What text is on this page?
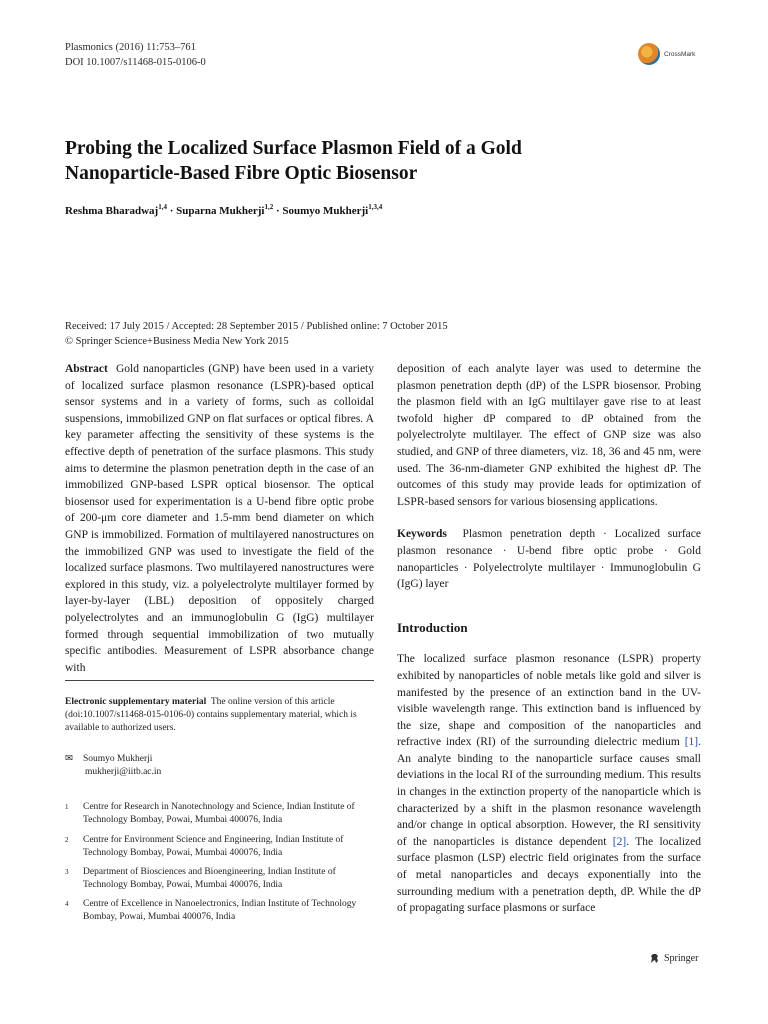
Plasmonics (2016) 11:753–761
DOI 10.1007/s11468-015-0106-0
CrossMark
Probing the Localized Surface Plasmon Field of a Gold
Nanoparticle-Based Fibre Optic Biosensor
Reshma Bharadwaj$^{1,4}$ · Suparna Mukherji$^{1,2}$ · Soumyo Mukherji$^{1,3,4}$
Received: 17 July 2015 / Accepted: 28 September 2015 / Published online: 7 October 2015
© Springer Science+Business Media New York 2015

Abstract Gold nanoparticles (GNP) have been used in a variety of localized surface plasmon resonance (LSPR)-based optical sensor systems and in a variety of forms, such as colloidal suspensions, immobilized GNP on flat surfaces or optical fibres. A key parameter affecting the sensitivity of these systems is the effective depth of penetration of the surface plasmons. This study aims to determine the plasmon penetration depth in the case of an immobilized GNP-based LSPR optical biosensor. The optical biosensor used for experimentation is a U-bend fibre optic probe of 200-μm core diameter and 1.5-mm bend diameter on which GNP is immobilized. Formation of multilayered nanostructures on the immobilized GNP was used to investigate the field of the localized surface plasmons. Two multilayered nanostructures were explored in this study, viz. a polyelectrolyte multilayer formed by layer-by-layer (LBL) deposition of oppositely charged polyelectrolytes and an immunoglobulin G (IgG) multilayer formed through sequential immobilization of two mutually specific antibodies. Measurement of LSPR absorbance change with

deposition of each analyte layer was used to determine the plasmon penetration depth (dP) of the LSPR biosensor. Probing the plasmon field with an IgG multilayer gave rise to at least twofold higher dP compared to dP obtained from the polyelectrolyte multilayer. The effect of GNP size was also studied, and GNP of three diameters, viz. 18, 36 and 45 nm, were used. The 36-nm-diameter GNP exhibited the highest dP. The outcomes of this study may provide leads for optimization of LSPR-based sensors for various biosensing applications.

Keywords Plasmon penetration depth · Localized surface plasmon resonance · U-bend fibre optic probe · Gold nanoparticles · Polyelectrolyte multilayer · Immunoglobulin G (IgG) layer

Introduction

The localized surface plasmon resonance (LSPR) property exhibited by nanoparticles of noble metals like gold and silver is manifested by the presence of an extinction band in the UV-visible wavelength range. This extinction band is influenced by the size, shape and composition of the nanoparticles and refractive index (RI) of the surrounding dielectric medium [1]. An analyte binding to the nanoparticle surface causes small deviations in the local RI of the surrounding medium. This results in changes in the extinction property of the nanoparticle which is characterized by a shift in the plasmon resonance wavelength and/or change in optical absorption. However, the RI sensitivity of the nanoparticles is distance dependent [2]. The localized surface plasmon (LSP) electric field originates from the surface of metal nanoparticles and decays exponentially into the surrounding medium with a penetration depth, dP. While the dP of propagating surface plasmons or surface

Electronic supplementary material The online version of this article (doi:10.1007/s11468-015-0106-0) contains supplementary material, which is available to authorized users.
✉ Soumyo Mukherji
mukherji@iitb.ac.in
1	Centre for Research in Nanotechnology and Science, Indian Institute of Technology Bombay, Powai, Mumbai 400076, India
2	Centre for Environment Science and Engineering, Indian Institute of Technology Bombay, Powai, Mumbai 400076, India
3	Department of Biosciences and Bioengineering, Indian Institute of Technology Bombay, Powai, Mumbai 400076, India
4	Centre of Excellence in Nanoelectronics, Indian Institute of Technology Bombay, Powai, Mumbai 400076, India
Springer
